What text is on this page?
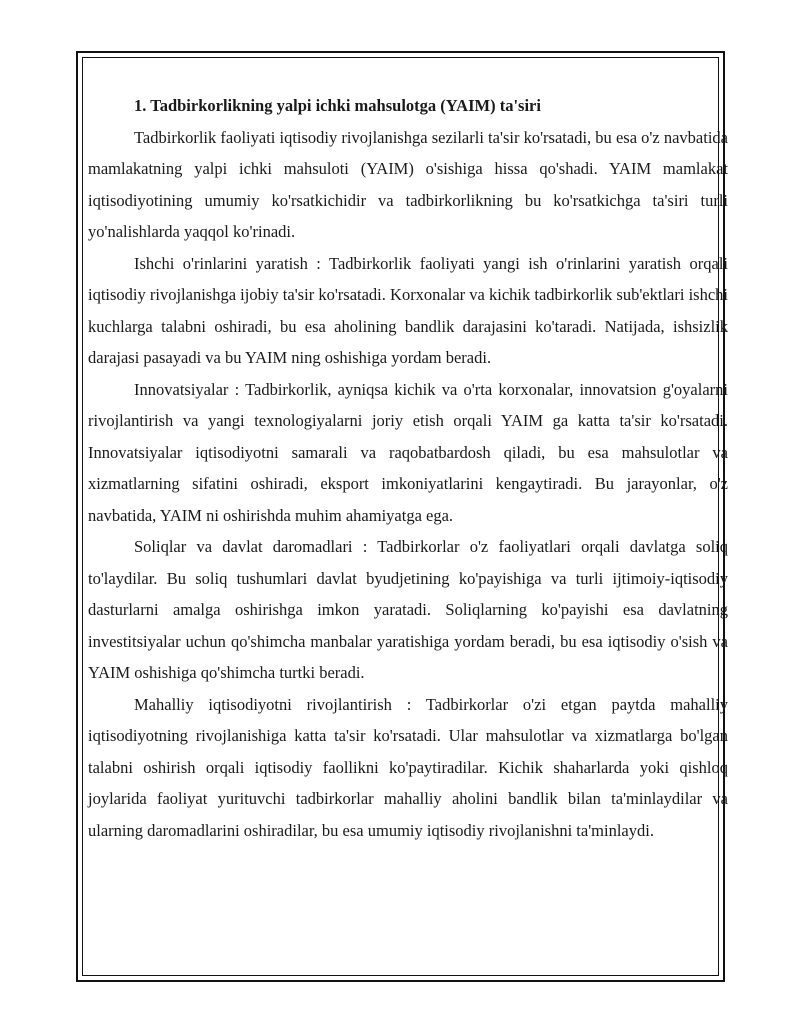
1. Tadbirkorlikning yalpi ichki mahsulotga (YAIM) ta'siri

Tadbirkorlik faoliyati iqtisodiy rivojlanishga sezilarli ta'sir ko'rsatadi, bu esa o'z navbatida mamlakatning yalpi ichki mahsuloti (YAIM) o'sishiga hissa qo'shadi. YAIM mamlakat iqtisodiyotining umumiy ko'rsatkichidir va tadbirkorlikning bu ko'rsatkichga ta'siri turli yo'nalishlarda yaqqol ko'rinadi.

Ishchi o'rinlarini yaratish : Tadbirkorlik faoliyati yangi ish o'rinlarini yaratish orqali iqtisodiy rivojlanishga ijobiy ta'sir ko'rsatadi. Korxonalar va kichik tadbirkorlik sub'ektlari ishchi kuchlarga talabni oshiradi, bu esa aholining bandlik darajasini ko'taradi. Natijada, ishsizlik darajasi pasayadi va bu YAIM ning oshishiga yordam beradi.

Innovatsiyalar : Tadbirkorlik, ayniqsa kichik va o'rta korxonalar, innovatsion g'oyalarni rivojlantirish va yangi texnologiyalarni joriy etish orqali YAIM ga katta ta'sir ko'rsatadi. Innovatsiyalar iqtisodiyotni samarali va raqobatbardosh qiladi, bu esa mahsulotlar va xizmatlarning sifatini oshiradi, eksport imkoniyatlarini kengaytiradi. Bu jarayonlar, o'z navbatida, YAIM ni oshirishda muhim ahamiyatga ega.

Soliqlar va davlat daromadlari : Tadbirkorlar o'z faoliyatlari orqali davlatga soliq to'laydilar. Bu soliq tushumlari davlat byudjetining ko'payishiga va turli ijtimoiy-iqtisodiy dasturlarni amalga oshirishga imkon yaratadi. Soliqlarning ko'payishi esa davlatning investitsiyalar uchun qo'shimcha manbalar yaratishiga yordam beradi, bu esa iqtisodiy o'sish va YAIM oshishiga qo'shimcha turtki beradi.

Mahalliy iqtisodiyotni rivojlantirish : Tadbirkorlar o'zi etgan paytda mahalliy iqtisodiyotning rivojlanishiga katta ta'sir ko'rsatadi. Ular mahsulotlar va xizmatlarga bo'lgan talabni oshirish orqali iqtisodiy faollikni ko'paytiradilar. Kichik shaharlarda yoki qishloq joylarida faoliyat yurituvchi tadbirkorlar mahalliy aholini bandlik bilan ta'minlaydilar va ularning daromadlarini oshiradilar, bu esa umumiy iqtisodiy rivojlanishni ta'minlaydi.
